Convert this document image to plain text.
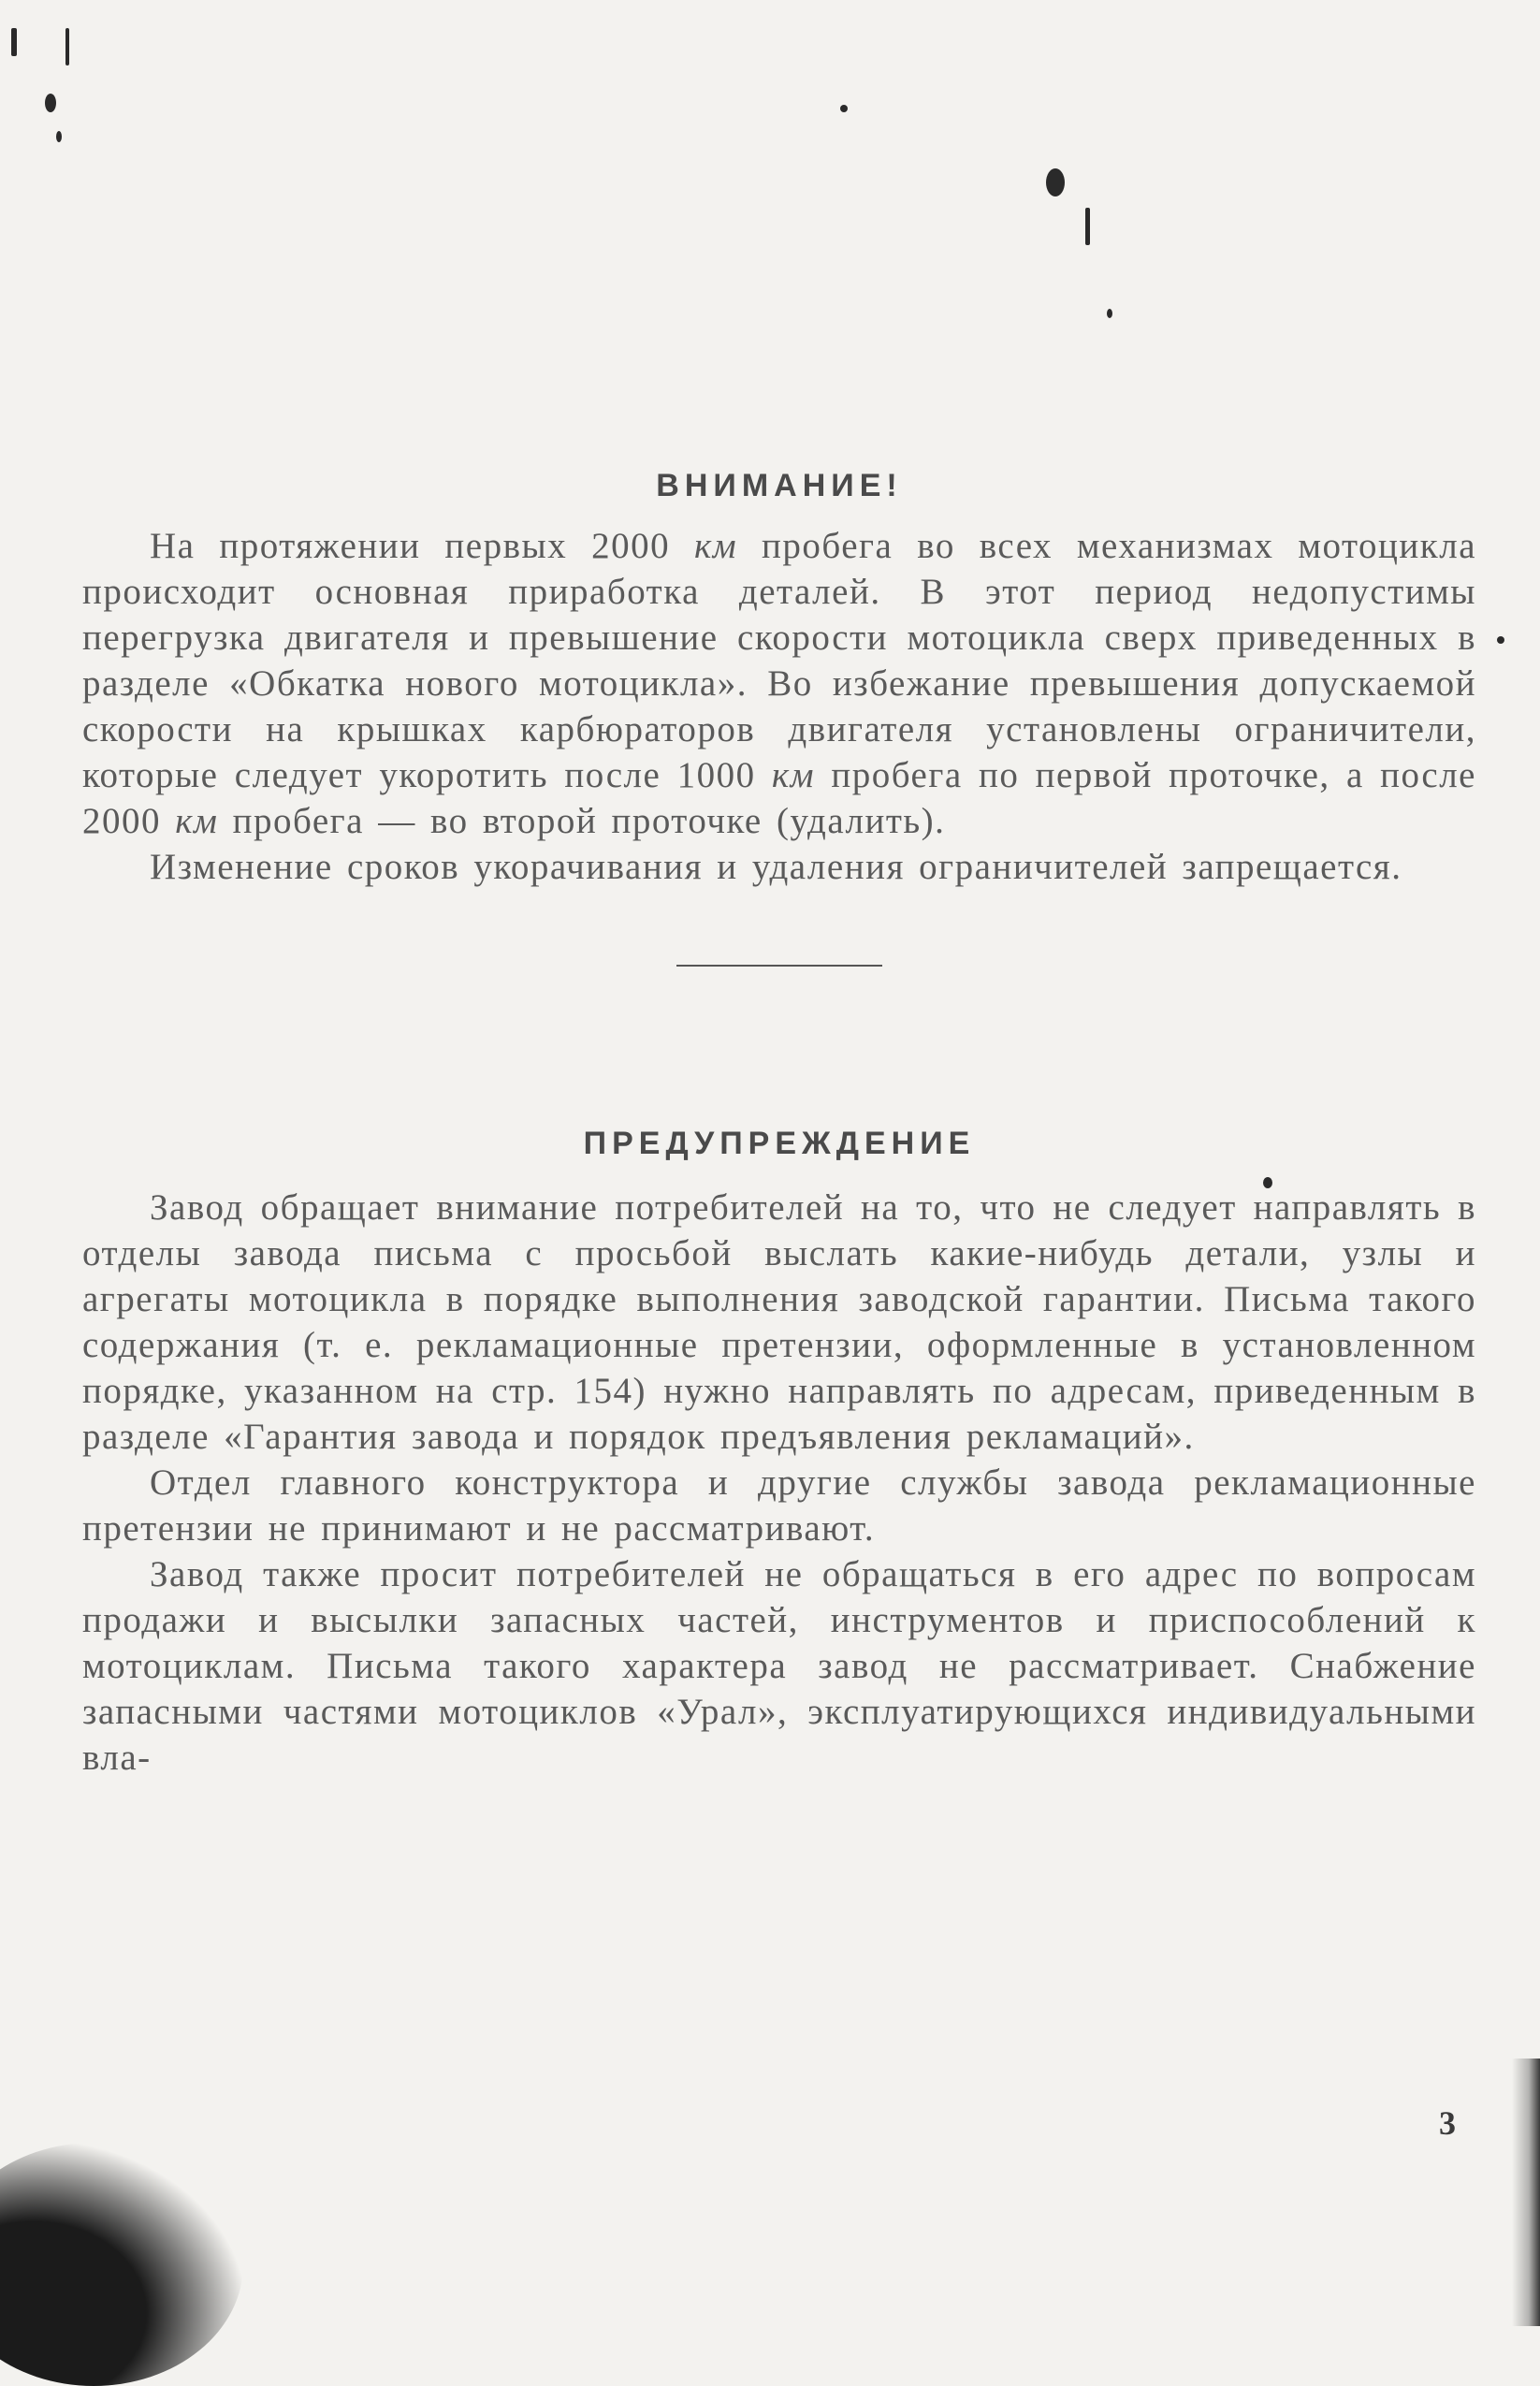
ВНИМАНИЕ!

На протяжении первых 2000 км пробега во всех механизмах мотоцикла происходит основная приработка деталей. В этот период недопустимы перегрузка двигателя и превышение скорости мотоцикла сверх приведенных в разделе «Обкатка нового мотоцикла». Во избежание превышения допускаемой скорости на крышках карбюраторов двигателя установлены ограничители, которые следует укоротить после 1000 км пробега по первой проточке, а после 2000 км пробега — во второй проточке (удалить).

Изменение сроков укорачивания и удаления ограничителей запрещается.

ПРЕДУПРЕЖДЕНИЕ

Завод обращает внимание потребителей на то, что не следует направлять в отделы завода письма с просьбой выслать какие-нибудь детали, узлы и агрегаты мотоцикла в порядке выполнения заводской гарантии. Письма такого содержания (т. е. рекламационные претензии, оформленные в установленном порядке, указанном на стр. 154) нужно направлять по адресам, приведенным в разделе «Гарантия завода и порядок предъявления рекламаций».

Отдел главного конструктора и другие службы завода рекламационные претензии не принимают и не рассматривают.

Завод также просит потребителей не обращаться в его адрес по вопросам продажи и высылки запасных частей, инструментов и приспособлений к мотоциклам. Письма такого характера завод не рассматривает. Снабжение запасными частями мотоциклов «Урал», эксплуатирующихся индивидуальными вла-

3
